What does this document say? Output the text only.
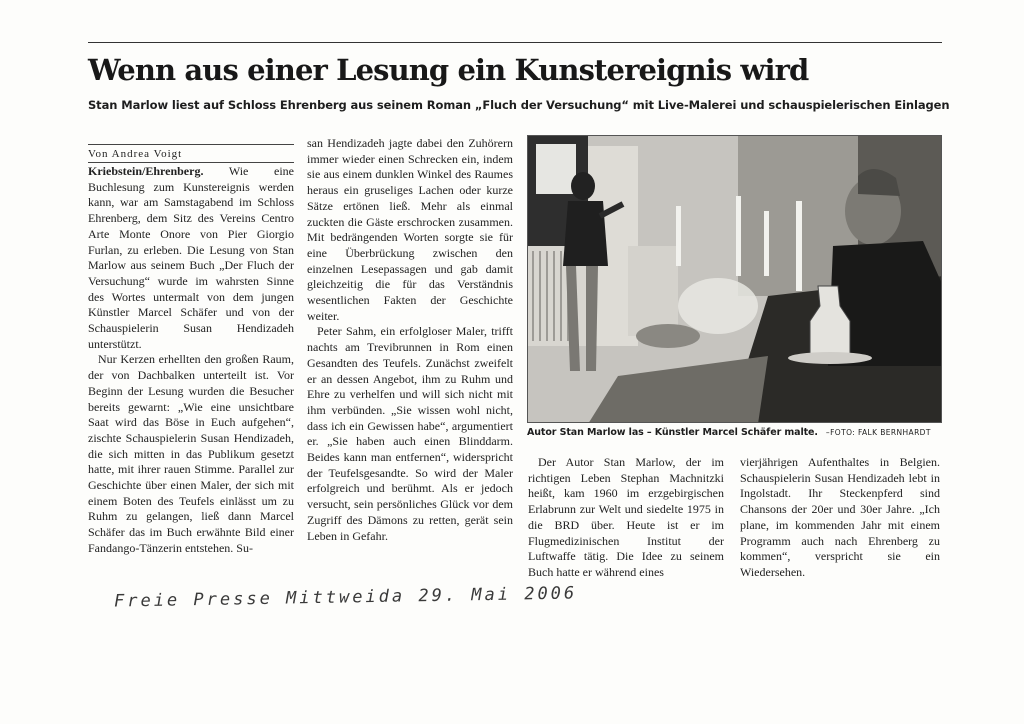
Wenn aus einer Lesung ein Kunstereignis wird
Stan Marlow liest auf Schloss Ehrenberg aus seinem Roman „Fluch der Versuchung“ mit Live-Malerei und schauspielerischen Einlagen
Von Andrea Voigt

Kriebstein/Ehrenberg. Wie eine Buchlesung zum Kunstereignis werden kann, war am Samstagabend im Schloss Ehrenberg, dem Sitz des Vereins Centro Arte Monte Onore von Pier Giorgio Furlan, zu erleben. Die Lesung von Stan Marlow aus seinem Buch „Der Fluch der Versuchung“ wurde im wahrsten Sinne des Wortes untermalt von dem jungen Künstler Marcel Schäfer und von der Schauspielerin Susan Hendizadeh unterstützt.

Nur Kerzen erhellten den großen Raum, der von Dachbalken unterteilt ist. Vor Beginn der Lesung wurden die Besucher bereits gewarnt: „Wie eine unsichtbare Saat wird das Böse in Euch aufgehen“, zischte Schauspielerin Susan Hendizadeh, die sich mitten in das Publikum gesetzt hatte, mit ihrer rauen Stimme. Parallel zur Geschichte über einen Maler, der sich mit einem Boten des Teufels einlässt um zu Ruhm zu gelangen, ließ dann Marcel Schäfer das im Buch erwähnte Bild einer Fandango-Tänzerin entstehen. Su-

san Hendizadeh jagte dabei den Zuhörern immer wieder einen Schrecken ein, indem sie aus einem dunklen Winkel des Raumes heraus ein gruseliges Lachen oder kurze Sätze ertönen ließ. Mehr als einmal zuckten die Gäste erschrocken zusammen. Mit bedrängenden Worten sorgte sie für eine Überbrückung zwischen den einzelnen Lesepassagen und gab damit gleichzeitig die für das Verständnis wesentlichen Fakten der Geschichte weiter.

Peter Sahm, ein erfolgloser Maler, trifft nachts am Trevibrunnen in Rom einen Gesandten des Teufels. Zunächst zweifelt er an dessen Angebot, ihm zu Ruhm und Ehre zu verhelfen und will sich nicht mit ihm verbünden. „Sie wissen wohl nicht, dass ich ein Gewissen habe“, argumentiert er. „Sie haben auch einen Blinddarm. Beides kann man entfernen“, widerspricht der Teufelsgesandte. So wird der Maler erfolgreich und berühmt. Als er jedoch versucht, sein persönliches Glück vor dem Zugriff des Dämons zu retten, gerät sein Leben in Gefahr.

Autor Stan Marlow las – Künstler Marcel Schäfer malte. –FOTO: FALK BERNHARDT

Der Autor Stan Marlow, der im richtigen Leben Stephan Machnitzki heißt, kam 1960 im erzgebirgischen Erlabrunn zur Welt und siedelte 1975 in die BRD über. Heute ist er im Flugmedizinischen Institut der Luftwaffe tätig. Die Idee zu seinem Buch hatte er während eines

vierjährigen Aufenthaltes in Belgien. Schauspielerin Susan Hendizadeh lebt in Ingolstadt. Ihr Steckenpferd sind Chansons der 20er und 30er Jahre. „Ich plane, im kommenden Jahr mit einem Programm auch nach Ehrenberg zu kommen“, verspricht sie ein Wiedersehen.

Freie Presse Mittweida 29. Mai 2006
